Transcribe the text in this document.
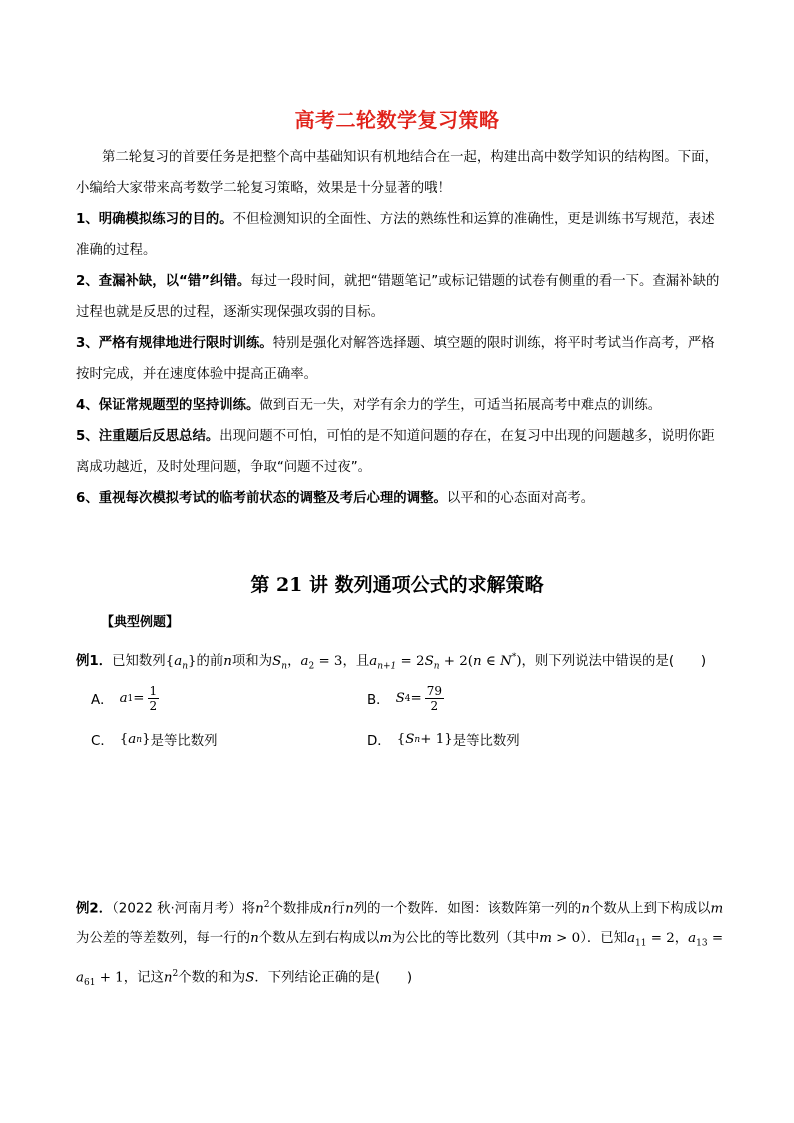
高考二轮数学复习策略
第二轮复习的首要任务是把整个高中基础知识有机地结合在一起，构建出高中数学知识的结构图。下面，小编给大家带来高考数学二轮复习策略，效果是十分显著的哦！
1、明确模拟练习的目的。不但检测知识的全面性、方法的熟练性和运算的准确性，更是训练书写规范，表述准确的过程。
2、查漏补缺，以“错”纠错。每过一段时间，就把“错题笔记”或标记错题的试卷有侧重的看一下。查漏补缺的过程也就是反思的过程，逐渐实现保强攻弱的目标。
3、严格有规律地进行限时训练。特别是强化对解答选择题、填空题的限时训练，将平时考试当作高考，严格按时完成，并在速度体验中提高正确率。
4、保证常规题型的坚持训练。做到百无一失，对学有余力的学生，可适当拓展高考中难点的训练。
5、注重题后反思总结。出现问题不可怕，可怕的是不知道问题的存在，在复习中出现的问题越多，说明你距离成功越近，及时处理问题，争取“问题不过夜”。
6、重视每次模拟考试的临考前状态的调整及考后心理的调整。以平和的心态面对高考。
第 21 讲 数列通项公式的求解策略
【典型例题】
例1．已知数列$\{a_n\}$的前n项和为$S_n$，$a_2 = 3$，且$a_{n+1} = 2S_n + 2(n$ ∈ N*)，则下列说法中错误的是(　　)
A． a $1 = \frac{1}{2}$	B． S $4 = \frac{79}{2}$
C． { a n } 是等比数列	D． { S n + 1} 是等比数列
例2．（2022 秋·河南月考）将$n^2$个数排成n行n列的一个数阵．如图：该数阵第一列的n个数从上到下构成以m为公差的等差数列，每一行的n个数从左到右构成以m为公比的等比数列（其中m > 0）．已知$a_{11} = 2$，$a_{13} = a_{61} + 1$，记这$n^2$个数的和为S．下列结论正确的是(　　)
